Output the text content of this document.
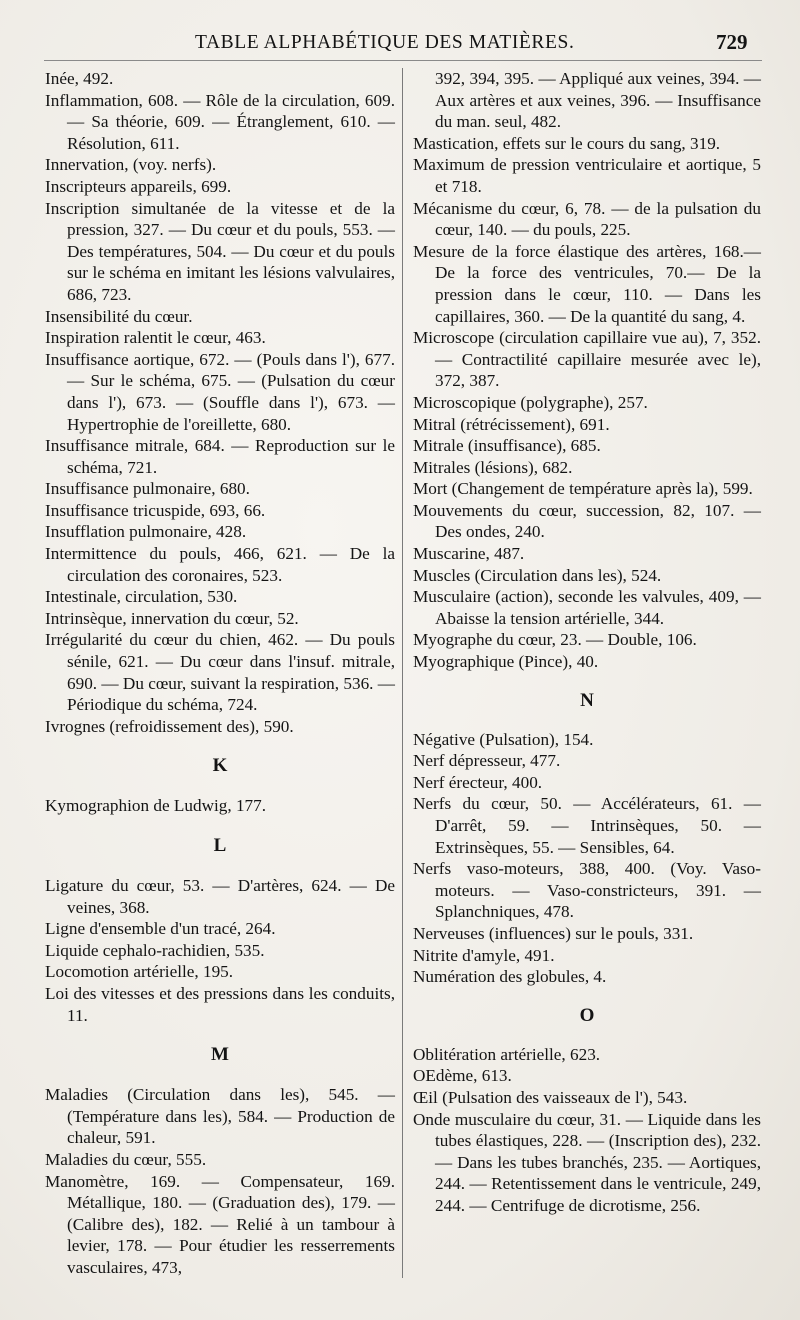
TABLE ALPHABÉTIQUE DES MATIÈRES.	729
Inée, 492.
Inflammation, 608. — Rôle de la circulation, 609. — Sa théorie, 609. — Étranglement, 610. — Résolution, 611.
Innervation, (voy. nerfs).
Inscripteurs appareils, 699.
Inscription simultanée de la vitesse et de la pression, 327. — Du cœur et du pouls, 553. — Des températures, 504. — Du cœur et du pouls sur le schéma en imitant les lésions valvulaires, 686, 723.
Insensibilité du cœur.
Inspiration ralentit le cœur, 463.
Insuffisance aortique, 672. — (Pouls dans l'), 677. — Sur le schéma, 675. — (Pulsation du cœur dans l'), 673. — (Souffle dans l'), 673. — Hypertrophie de l'oreillette, 680.
Insuffisance mitrale, 684. — Reproduction sur le schéma, 721.
Insuffisance pulmonaire, 680.
Insuffisance tricuspide, 693, 66.
Insufflation pulmonaire, 428.
Intermittence du pouls, 466, 621. — De la circulation des coronaires, 523.
Intestinale, circulation, 530.
Intrinsèque, innervation du cœur, 52.
Irrégularité du cœur du chien, 462. — Du pouls sénile, 621. — Du cœur dans l'insuf. mitrale, 690. — Du cœur, suivant la respiration, 536. — Périodique du schéma, 724.
Ivrognes (refroidissement des), 590.
K
Kymographion de Ludwig, 177.
L
Ligature du cœur, 53. — D'artères, 624. — De veines, 368.
Ligne d'ensemble d'un tracé, 264.
Liquide cephalo-rachidien, 535.
Locomotion artérielle, 195.
Loi des vitesses et des pressions dans les conduits, 11.
M
Maladies (Circulation dans les), 545. — (Température dans les), 584. — Production de chaleur, 591.
Maladies du cœur, 555.
Manomètre, 169. — Compensateur, 169. Métallique, 180. — (Graduation des), 179. — (Calibre des), 182. — Relié à un tambour à levier, 178. — Pour étudier les resserrements vasculaires, 473,
392, 394, 395. — Appliqué aux veines, 394. — Aux artères et aux veines, 396. — Insuffisance du man. seul, 482.
Mastication, effets sur le cours du sang, 319.
Maximum de pression ventriculaire et aortique, 5 et 718.
Mécanisme du cœur, 6, 78. — de la pulsation du cœur, 140. — du pouls, 225.
Mesure de la force élastique des artères, 168.— De la force des ventricules, 70.— De la pression dans le cœur, 110. — Dans les capillaires, 360. — De la quantité du sang, 4.
Microscope (circulation capillaire vue au), 7, 352. — Contractilité capillaire mesurée avec le), 372, 387.
Microscopique (polygraphe), 257.
Mitral (rétrécissement), 691.
Mitrale (insuffisance), 685.
Mitrales (lésions), 682.
Mort (Changement de température après la), 599.
Mouvements du cœur, succession, 82, 107. — Des ondes, 240.
Muscarine, 487.
Muscles (Circulation dans les), 524.
Musculaire (action), seconde les valvules, 409, — Abaisse la tension artérielle, 344.
Myographe du cœur, 23. — Double, 106.
Myographique (Pince), 40.
N
Négative (Pulsation), 154.
Nerf dépresseur, 477.
Nerf érecteur, 400.
Nerfs du cœur, 50. — Accélérateurs, 61. — D'arrêt, 59. — Intrinsèques, 50. — Extrinsèques, 55. — Sensibles, 64.
Nerfs vaso-moteurs, 388, 400. (Voy. Vaso-moteurs. — Vaso-constricteurs, 391. — Splanchniques, 478.
Nerveuses (influences) sur le pouls, 331.
Nitrite d'amyle, 491.
Numération des globules, 4.
O
Oblitération artérielle, 623.
OEdème, 613.
Œil (Pulsation des vaisseaux de l'), 543.
Onde musculaire du cœur, 31. — Liquide dans les tubes élastiques, 228. — (Inscription des), 232. — Dans les tubes branchés, 235. — Aortiques, 244. — Retentissement dans le ventricule, 249, 244. — Centrifuge de dicrotisme, 256.
